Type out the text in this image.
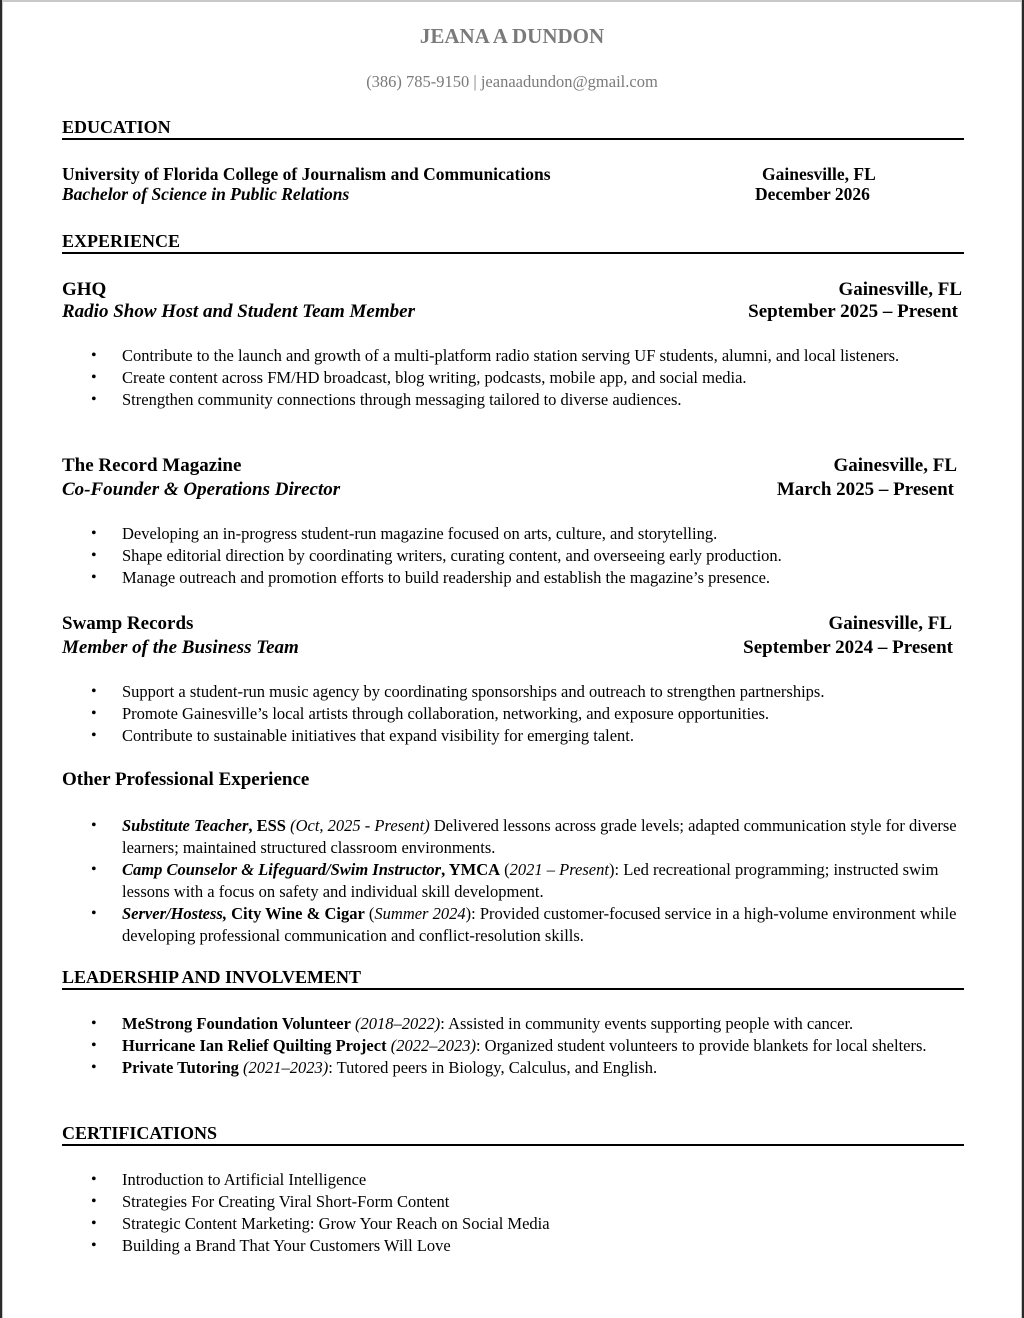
JEANA A DUNDON
(386) 785-9150 | jeanaadundon@gmail.com
EDUCATION
University of Florida College of Journalism and Communications	Gainesville, FL
Bachelor of Science in Public Relations	December 2026
EXPERIENCE
GHQ	Gainesville, FL
Radio Show Host and Student Team Member	September 2025 – Present
• Contribute to the launch and growth of a multi-platform radio station serving UF students, alumni, and local listeners.
• Create content across FM/HD broadcast, blog writing, podcasts, mobile app, and social media.
• Strengthen community connections through messaging tailored to diverse audiences.
The Record Magazine	Gainesville, FL
Co-Founder & Operations Director	March 2025 – Present
• Developing an in-progress student-run magazine focused on arts, culture, and storytelling.
• Shape editorial direction by coordinating writers, curating content, and overseeing early production.
• Manage outreach and promotion efforts to build readership and establish the magazine’s presence.
Swamp Records	Gainesville, FL
Member of the Business Team	September 2024 – Present
• Support a student-run music agency by coordinating sponsorships and outreach to strengthen partnerships.
• Promote Gainesville’s local artists through collaboration, networking, and exposure opportunities.
• Contribute to sustainable initiatives that expand visibility for emerging talent.
Other Professional Experience
• Substitute Teacher, ESS (Oct, 2025 - Present) Delivered lessons across grade levels; adapted communication style for diverse learners; maintained structured classroom environments.
• Camp Counselor & Lifeguard/Swim Instructor, YMCA (2021 – Present): Led recreational programming; instructed swim lessons with a focus on safety and individual skill development.
• Server/Hostess, City Wine & Cigar (Summer 2024): Provided customer-focused service in a high-volume environment while developing professional communication and conflict-resolution skills.
LEADERSHIP AND INVOLVEMENT
• MeStrong Foundation Volunteer (2018–2022): Assisted in community events supporting people with cancer.
• Hurricane Ian Relief Quilting Project (2022–2023): Organized student volunteers to provide blankets for local shelters.
• Private Tutoring (2021–2023): Tutored peers in Biology, Calculus, and English.
CERTIFICATIONS
• Introduction to Artificial Intelligence
• Strategies For Creating Viral Short-Form Content
• Strategic Content Marketing: Grow Your Reach on Social Media
• Building a Brand That Your Customers Will Love
